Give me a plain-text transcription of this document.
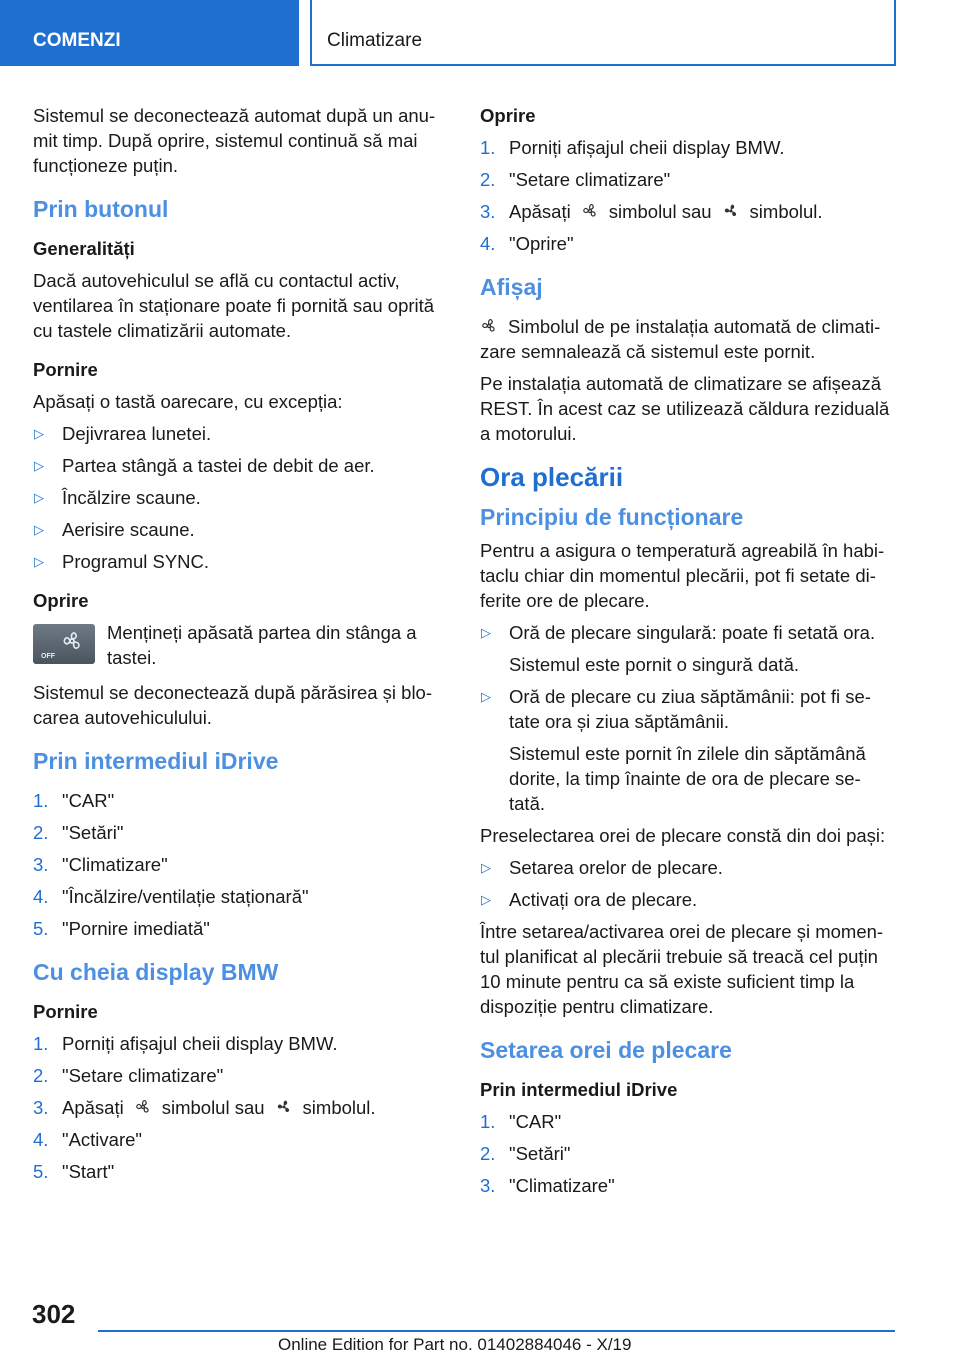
COMENZI	Climatizare

Sistemul se deconectează automat după un anu-mit timp. După oprire, sistemul continuă să mai funcționeze puțin.

Prin butonul
Generalități

Dacă autovehiculul se află cu contactul activ, ventilarea în staționare poate fi pornită sau oprită cu tastele climatizării automate.

Pornire

Apăsați o tastă oarecare, cu excepția:

▷ Dejivrarea lunetei.
▷ Partea stângă a tastei de debit de aer.
▷ Încălzire scaune.
▷ Aerisire scaune.
▷ Programul SYNC.
Oprire
OFF
Mențineți apăsată partea din stânga a tastei.

Sistemul se deconectează după părăsirea și blo-carea autovehiculului.

Prin intermediul iDrive
1. "CAR"
2. "Setări"
3. "Climatizare"
4. "Încălzire/ventilație staționară"
5. "Pornire imediată"
Cu cheia display BMW
Pornire
1. Porniți afișajul cheii display BMW.
2. "Setare climatizare"
3. Apăsați simbolul sau simbolul.
4. "Activare"
5. "Start"
Oprire
1. Porniți afișajul cheii display BMW.
2. "Setare climatizare"
3. Apăsați simbolul sau simbolul.
4. "Oprire"
Afișaj

Simbolul de pe instalația automată de climati-zare semnalează că sistemul este pornit.

Pe instalația automată de climatizare se afișează REST. În acest caz se utilizează căldura reziduală a motorului.

Ora plecării
Principiu de funcționare

Pentru a asigura o temperatură agreabilă în habi-taclu chiar din momentul plecării, pot fi setate di-ferite ore de plecare.

▷ Oră de plecare singulară: poate fi setată ora.
Sistemul este pornit o singură dată.
▷ Oră de plecare cu ziua săptămânii: pot fi se-tate ora și ziua săptămânii.
Sistemul este pornit în zilele din săptămână dorite, la timp înainte de ora de plecare se-tată.

Preselectarea orei de plecare constă din doi pași:

▷ Setarea orelor de plecare.
▷ Activați ora de plecare.

Între setarea/activarea orei de plecare și momen-tul planificat al plecării trebuie să treacă cel puțin 10 minute pentru ca să existe suficient timp la dispoziție pentru climatizare.

Setarea orei de plecare
Prin intermediul iDrive
1. "CAR"
2. "Setări"
3. "Climatizare"
302
Online Edition for Part no. 01402884046 - X/19
